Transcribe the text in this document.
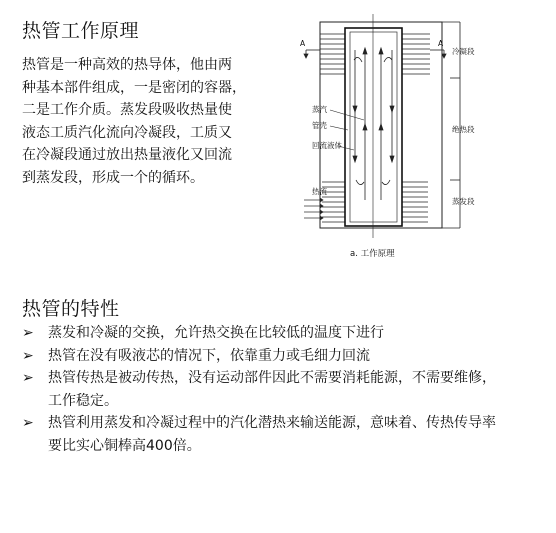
热管工作原理
热管是一种高效的热导体，他由两
种基本部件组成，一是密闭的容器，
二是工作介质。蒸发段吸收热量使
液态工质汽化流向冷凝段，工质又
在冷凝段通过放出热量液化又回流
到蒸发段，形成一个的循环。
A	A
冷凝段
绝热段
蒸发段
蒸汽
管壳
回流液体
热流
a. 工作原理
热管的特性
➢ 蒸发和冷凝的交换，允许热交换在比较低的温度下进行
➢ 热管在没有吸液芯的情况下，依靠重力或毛细力回流
➢ 热管传热是被动传热，没有运动部件因此不需要消耗能源，不需要维修，
工作稳定。
➢ 热管利用蒸发和冷凝过程中的汽化潜热来输送能源，意味着、传热传导率
要比实心铜棒高400倍。
